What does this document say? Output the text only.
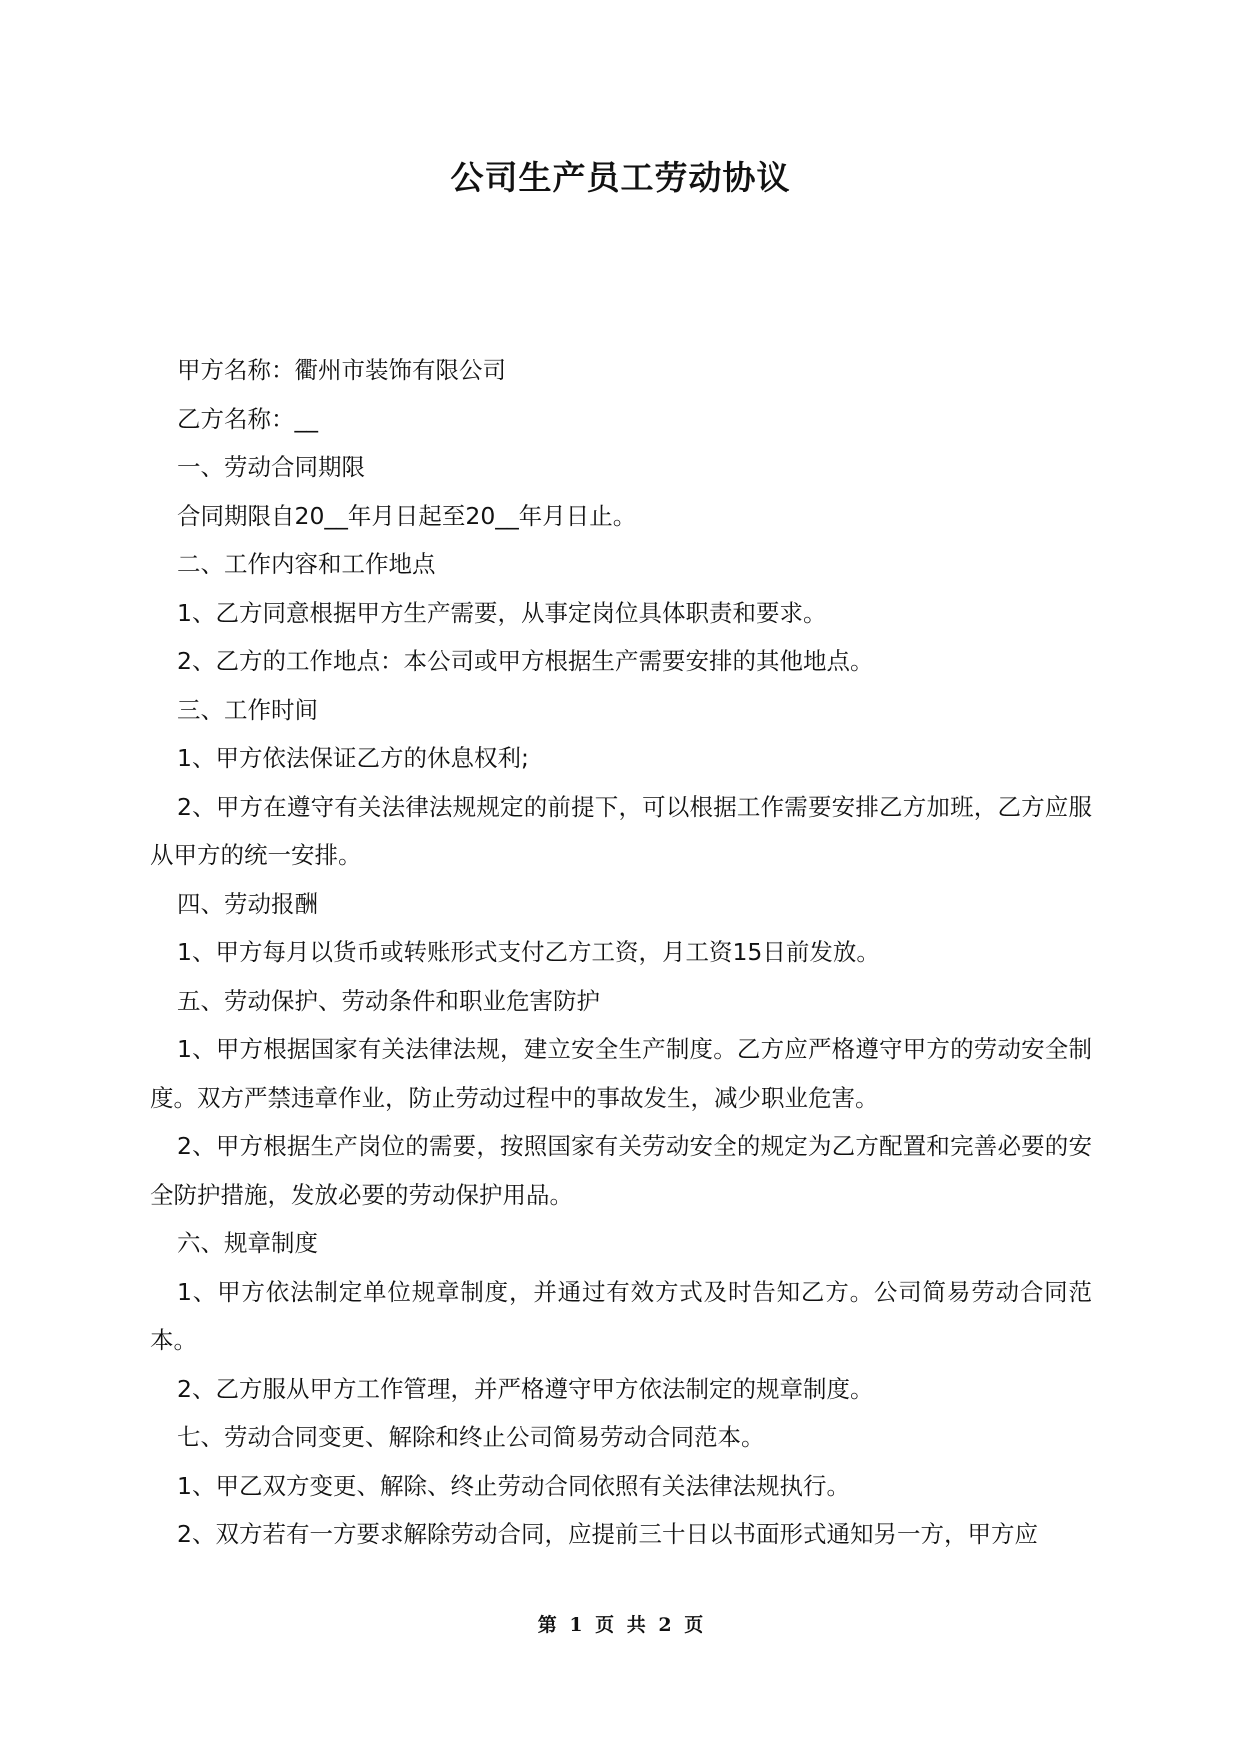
公司生产员工劳动协议

甲方名称：衢州市装饰有限公司

乙方名称：__

一、劳动合同期限

合同期限自20__年月日起至20__年月日止。

二、工作内容和工作地点

1、乙方同意根据甲方生产需要，从事定岗位具体职责和要求。

2、乙方的工作地点：本公司或甲方根据生产需要安排的其他地点。

三、工作时间

1、甲方依法保证乙方的休息权利;

2、甲方在遵守有关法律法规规定的前提下，可以根据工作需要安排乙方加班，乙方应服从甲方的统一安排。

四、劳动报酬

1、甲方每月以货币或转账形式支付乙方工资，月工资15日前发放。

五、劳动保护、劳动条件和职业危害防护

1、甲方根据国家有关法律法规，建立安全生产制度。乙方应严格遵守甲方的劳动安全制度。双方严禁违章作业，防止劳动过程中的事故发生，减少职业危害。

2、甲方根据生产岗位的需要，按照国家有关劳动安全的规定为乙方配置和完善必要的安全防护措施，发放必要的劳动保护用品。

六、规章制度

1、甲方依法制定单位规章制度，并通过有效方式及时告知乙方。公司简易劳动合同范本。

2、乙方服从甲方工作管理，并严格遵守甲方依法制定的规章制度。

七、劳动合同变更、解除和终止公司简易劳动合同范本。

1、甲乙双方变更、解除、终止劳动合同依照有关法律法规执行。

2、双方若有一方要求解除劳动合同，应提前三十日以书面形式通知另一方，甲方应

第 1 页 共 2 页
